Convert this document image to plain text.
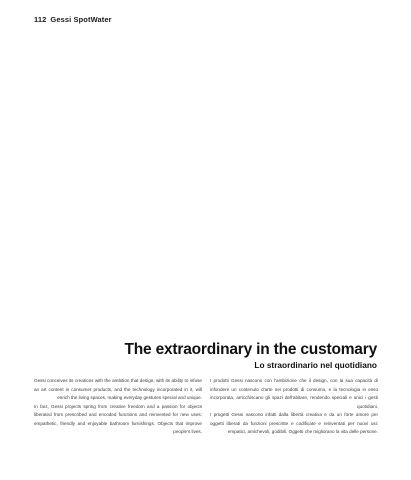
112 Gessi SpotWater
The extraordinary in the customary
Lo straordinario nel quotidiano

Gessi conceives its creations with the ambition that design, with its ability to infuse an art content in consumer products, and the technology incorporated in it, will enrich the living spaces, making everyday gestures special and unique.

In fact, Gessi projects spring from creative freedom and a passion for objects liberated from prescribed and encoded functions and reinvented for new uses: empathetic, friendly and enjoyable bathroom furnishings. Objects that improve people's lives.

I prodotti Gessi nascono con l'ambizione che il design, con la sua capacità di infondere un contenuto d'arte nei prodotti di consumo, e la tecnologia in esso incorporata, arricchiscano gli spazi dell'abitare, rendendo speciali e unici i gesti quotidiani.

I progetti Gessi nascono infatti dalla libertà creativa e da un forte amore per oggetti liberati da funzioni prescritte e codificate e reinventati per nuovi usi: empatici, amichevoli, godibili. Oggetti che migliorano la vita delle persone.
